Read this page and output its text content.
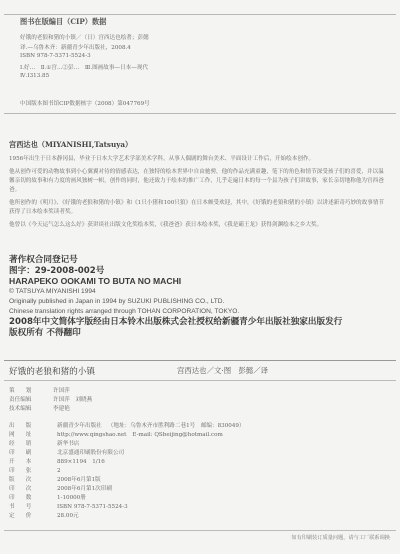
图书在版编目（CIP）数据
好饿的老狼和猪的小镇／（日）宫西达也绘著；彭懿
译.—乌鲁木齐：新疆青少年出版社，2008.4
ISBN 978-7-5371-5524-3
Ⅰ.好…　Ⅱ.①宫…②彭…　Ⅲ.图画故事—日本—现代
Ⅳ.I313.85
中国版本图书馆CIP数据核字（2008）第047769号
宫西达也（MIYANISHI,Tatsuya）
1956年出生于日本静冈县，毕业于日本大学艺术学部美术学科，从事人偶剧的舞台美术、平面设计工作后，开始绘本创作。
他从创作可爱的动物故事到小心翼翼对待的情感表达，在独特的绘本世界中自由驰骋，他的作品充满童趣，笔下的角色和情节深受孩子们的喜爱，并以温馨亲切的故事和有力度的画风独树一帜，创作的同时，他还致力于绘本的推广工作，几乎走遍日本的每一个县为孩子们讲故事，家长亲切地称他为宫西爸爸。
他所创作的《明月》、《好饿的老狼和猪的小镇》和《1只小猪和100只狼》在日本颇受欢迎，其中，《好饿的老狼和猪的小镇》以讲述新奇巧妙的故事情节获得了日本绘本奖读者奖。
他曾以《今天运气怎么这么好》获讲谈社出版文化奖绘本奖，《我爸爸》获日本绘本奖，《我是霸王龙》获得剑渊绘本之乡大奖。
著作权合同登记号
图字：29-2008-002号
HARAPEKO OOKAMI TO BUTA NO MACHI
© TATSUYA MIYANISHI 1994
Originally published in Japan in 1994 by SUZUKI PUBLISHING CO., LTD.
Chinese translation rights arranged through TOHAN CORPORATION, TOKYO.
2008年中文简体字版经由日本铃木出版株式会社授权给新疆青少年出版社独家出版发行
版权所有 不得翻印
好饿的老狼和猪的小镇	宫西达也／文·图　彭懿／译
策　　划	许国萍
责任编辑	许国萍　刘晓燕
技术编辑	李建艳
出　　版	新疆青少年出版社 （地址：乌鲁木齐市胜利路二巷1号　邮编：830049）
网　　址	http://www.qingshao.net E-mail: QSbeijing@hotmail.com
经　　销	新华书店
印　　刷	北京盛通印刷股份有限公司
开　　本	889×1194　1/16
印　　张	2
版　　次	2008年6月第1版
印　　次	2008年6月第1次印刷
印　　数	1-10000册
书　　号	ISBN 978-7-5371-5524-3
定　　价	28.00元
如有印刷装订质量问题，请与工厂联系调换
